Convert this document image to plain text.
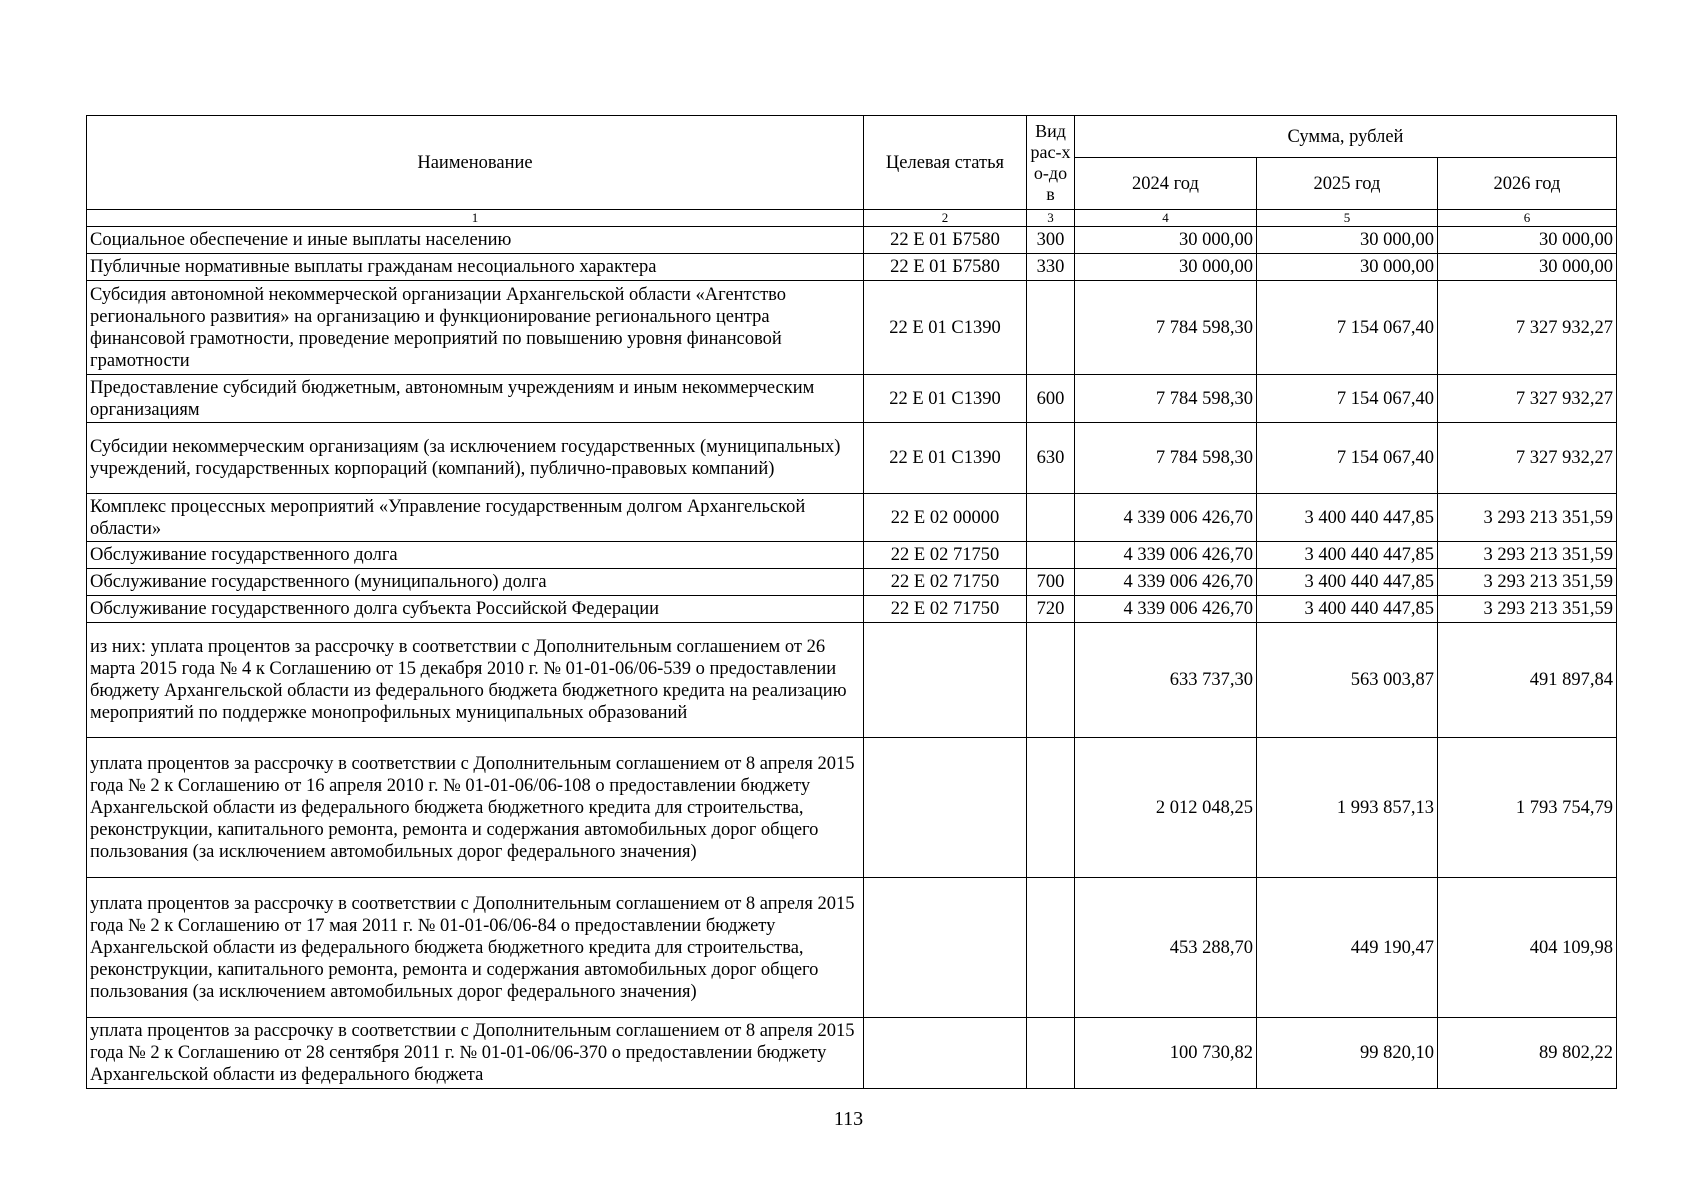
Наименование	Целевая статья	Вид рас-хо-дов	Сумма, рублей		
			2024 год	2025 год	2026 год
1	2	3	4	5	6
Социальное обеспечение и иные выплаты населению	22 Е 01 Б7580	300	30 000,00	30 000,00	30 000,00
Публичные нормативные выплаты гражданам несоциального характера	22 Е 01 Б7580	330	30 000,00	30 000,00	30 000,00
Субсидия автономной некоммерческой организации Архангельской области «Агентство регионального развития» на организацию и функционирование регионального центра финансовой грамотности, проведение мероприятий по повышению уровня финансовой грамотности	22 Е 01 С1390		7 784 598,30	7 154 067,40	7 327 932,27
Предоставление субсидий бюджетным, автономным учреждениям и иным некоммерческим организациям	22 Е 01 С1390	600	7 784 598,30	7 154 067,40	7 327 932,27
Субсидии некоммерческим организациям (за исключением государственных (муниципальных) учреждений, государственных корпораций (компаний), публично-правовых компаний)	22 Е 01 С1390	630	7 784 598,30	7 154 067,40	7 327 932,27
Комплекс процессных мероприятий «Управление государственным долгом Архангельской области»	22 Е 02 00000		4 339 006 426,70	3 400 440 447,85	3 293 213 351,59
Обслуживание государственного долга	22 Е 02 71750		4 339 006 426,70	3 400 440 447,85	3 293 213 351,59
Обслуживание государственного (муниципального) долга	22 Е 02 71750	700	4 339 006 426,70	3 400 440 447,85	3 293 213 351,59
Обслуживание государственного долга субъекта Российской Федерации	22 Е 02 71750	720	4 339 006 426,70	3 400 440 447,85	3 293 213 351,59
из них: уплата процентов за рассрочку в соответствии с Дополнительным соглашением от 26 марта 2015 года № 4 к Соглашению от 15 декабря 2010 г. № 01-01-06/06-539 о предоставлении бюджету Архангельской области из федерального бюджета бюджетного кредита на реализацию мероприятий по поддержке монопрофильных муниципальных образований			633 737,30	563 003,87	491 897,84
уплата процентов за рассрочку в соответствии с Дополнительным соглашением от 8 апреля 2015 года № 2 к Соглашению от 16 апреля 2010 г. № 01-01-06/06-108 о предоставлении бюджету Архангельской области из федерального бюджета бюджетного кредита для строительства, реконструкции, капитального ремонта, ремонта и содержания автомобильных дорог общего пользования (за исключением автомобильных дорог федерального значения)			2 012 048,25	1 993 857,13	1 793 754,79
уплата процентов за рассрочку в соответствии с Дополнительным соглашением от 8 апреля 2015 года № 2 к Соглашению от 17 мая 2011 г. № 01-01-06/06-84 о предоставлении бюджету Архангельской области из федерального бюджета бюджетного кредита для строительства, реконструкции, капитального ремонта, ремонта и содержания автомобильных дорог общего пользования (за исключением автомобильных дорог федерального значения)			453 288,70	449 190,47	404 109,98
уплата процентов за рассрочку в соответствии с Дополнительным соглашением от 8 апреля 2015 года № 2 к Соглашению от 28 сентября 2011 г. № 01-01-06/06-370 о предоставлении бюджету Архангельской области из федерального бюджета			100 730,82	99 820,10	89 802,22
113
